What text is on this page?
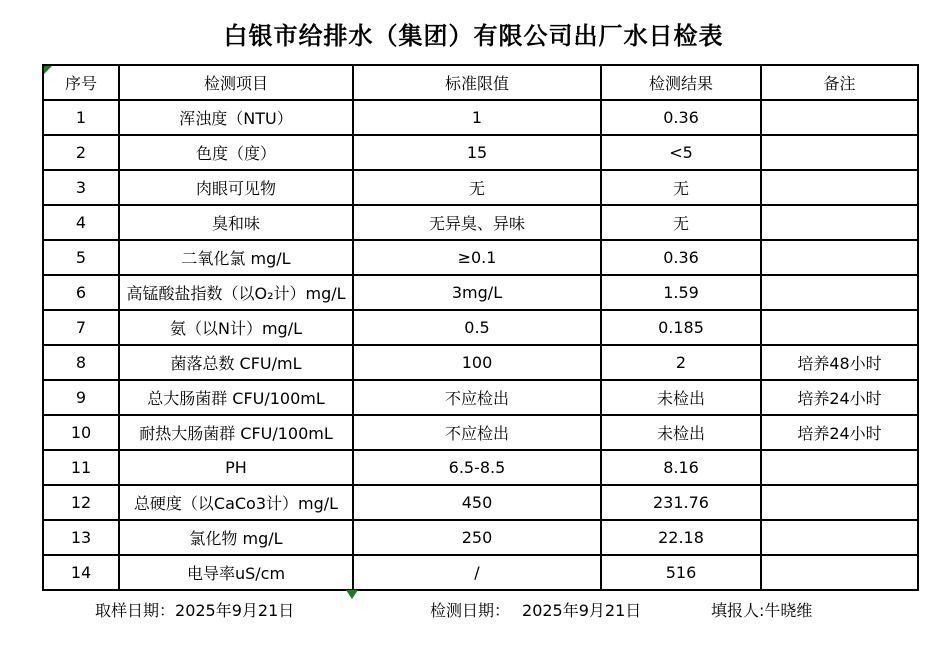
白银市给排水（集团）有限公司出厂水日检表
序号	检测项目	标准限值	检测结果	备注
1	浑浊度（NTU）	1	0.36	
2	色度（度）	15	<5	
3	肉眼可见物	无	无	
4	臭和味	无异臭、异味	无	
5	二氧化氯 mg/L	≥0.1	0.36	
6	高锰酸盐指数（以O₂计）mg/L	3mg/L	1.59	
7	氨（以N计）mg/L	0.5	0.185	
8	菌落总数 CFU/mL	100	2	培养48小时
9	总大肠菌群 CFU/100mL	不应检出	未检出	培养24小时
10	耐热大肠菌群 CFU/100mL	不应检出	未检出	培养24小时
11	PH	6.5-8.5	8.16	
12	总硬度（以CaCo3计）mg/L	450	231.76	
13	氯化物 mg/L	250	22.18	
14	电导率uS/cm	/	516	
取样日期：2025年9月21日	检测日期： 2025年9月21日	填报人:牛晓维
